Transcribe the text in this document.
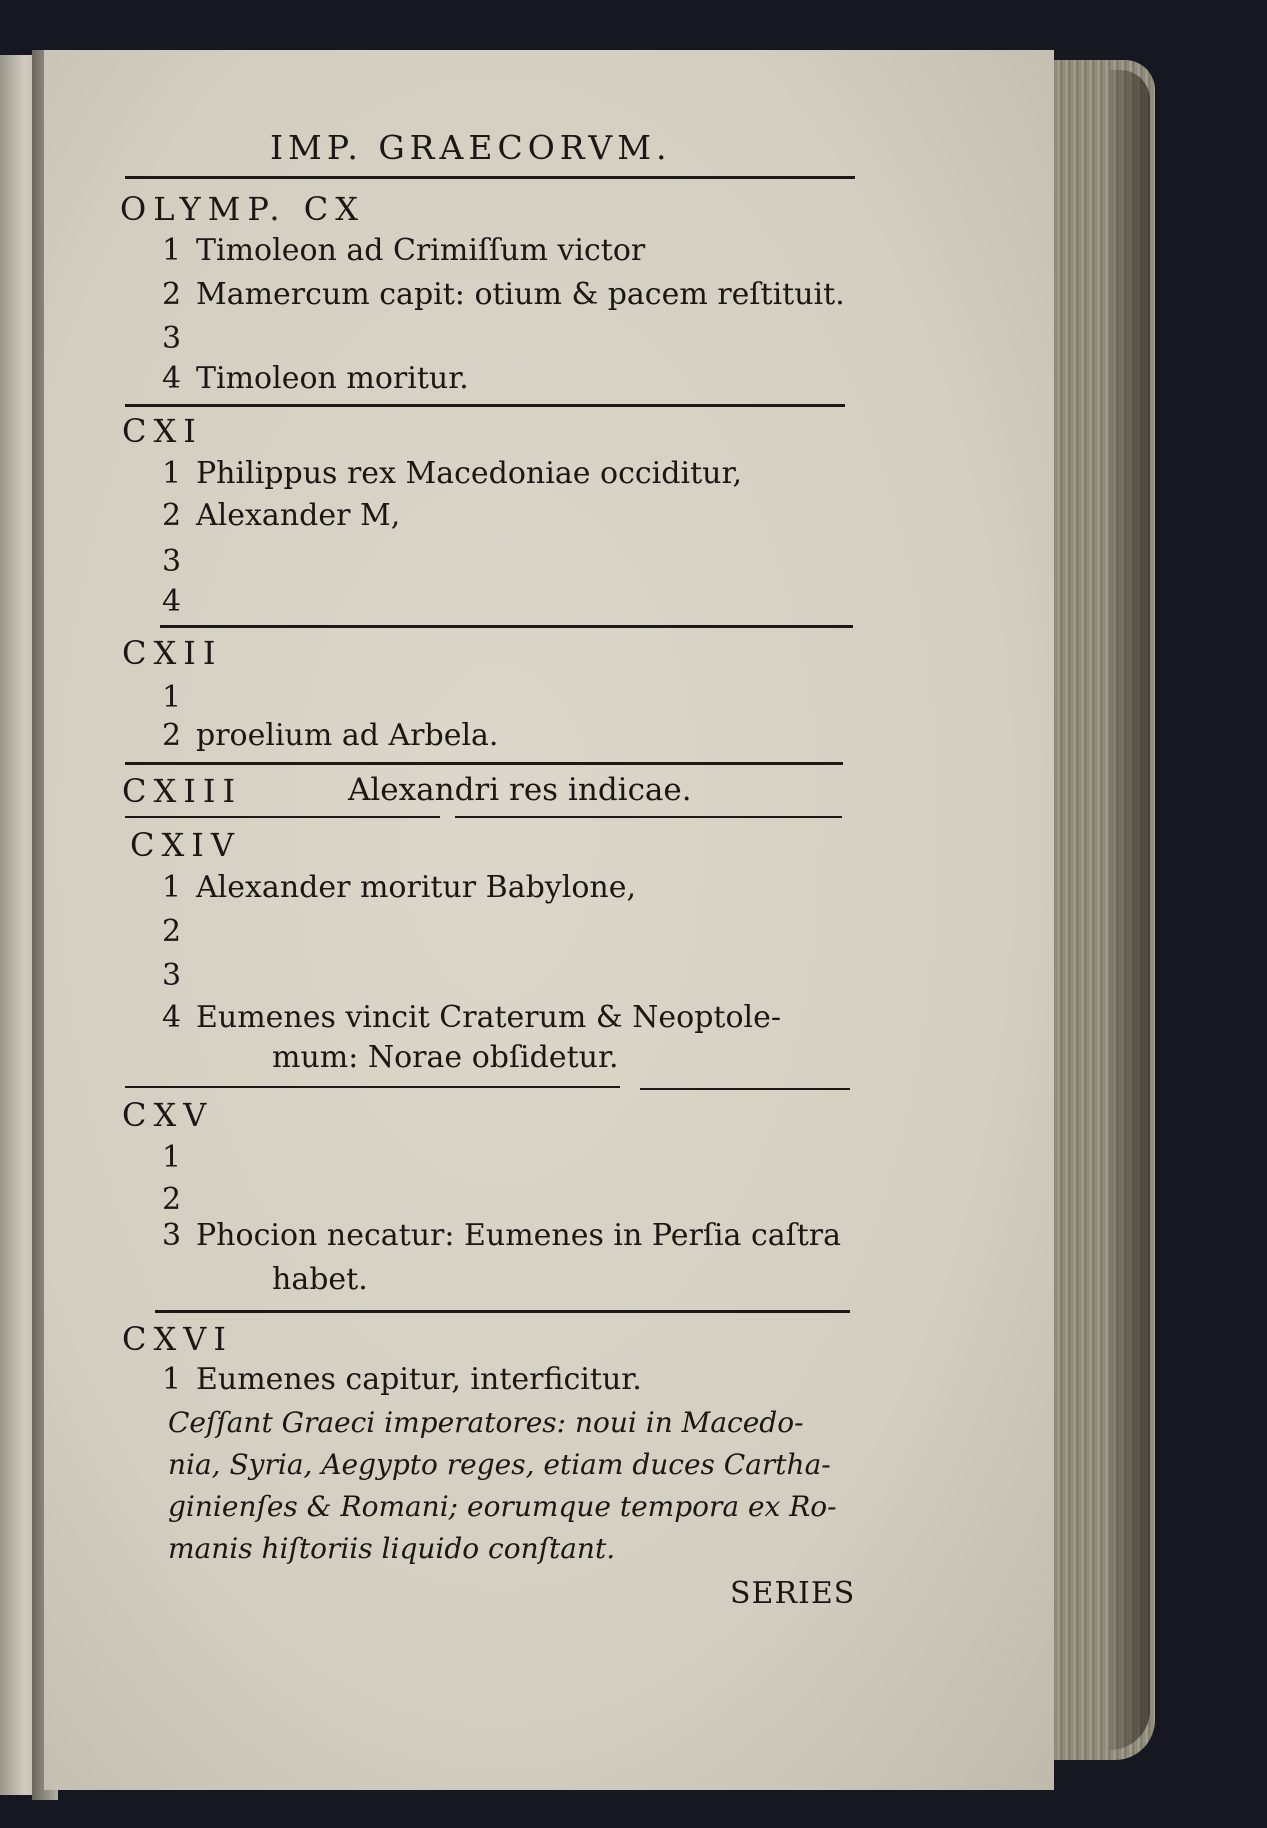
IMP. GRAECORVM.
OLYMP. CX
1 Timoleon ad Crimiſſum victor
2 Mamercum capit: otium & pacem reſtituit.
3
4 Timoleon moritur.
CXI
1 Philippus rex Macedoniae occiditur,
2 Alexander M,
3
4
CXII
1
2 proelium ad Arbela.
CXIII	Alexandri res indicae.
CXIV
1 Alexander moritur Babylone,
2
3
4 Eumenes vincit Craterum & Neoptole-
mum: Norae obſidetur.
CXV
1
2
3 Phocion necatur: Eumenes in Perſia caſtra
habet.
CXVI
1 Eumenes capitur, interficitur.
Ceſſant Graeci imperatores: noui in Macedo-
nia, Syria, Aegypto reges, etiam duces Cartha-
ginienſes & Romani; eorumque tempora ex Ro-
manis hiſtoriis liquido conſtant.
SERIES
